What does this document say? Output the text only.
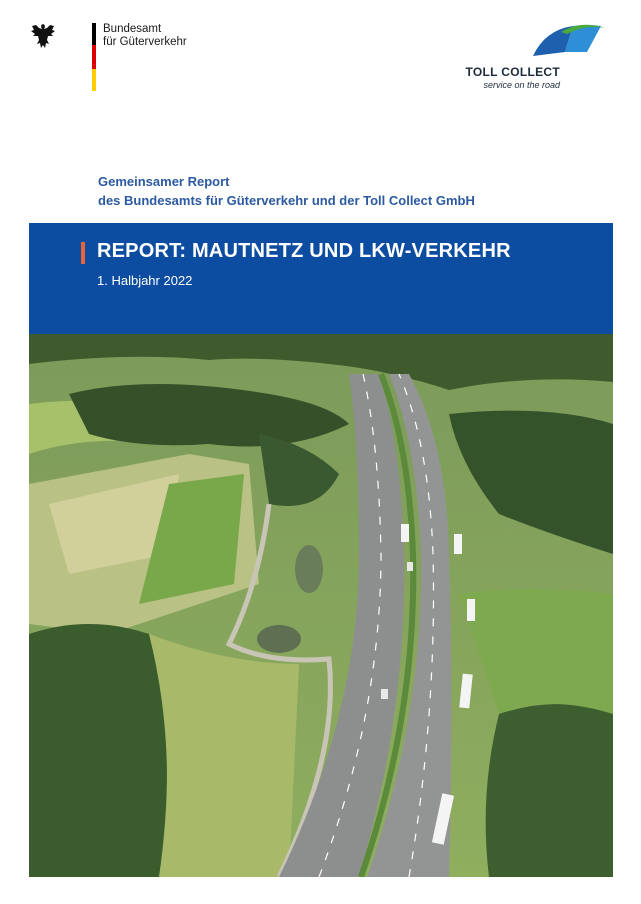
Bundesamt
für Güterverkehr
TOLL COLLECT
service on the road
Gemeinsamer Report
des Bundesamts für Güterverkehr und der Toll Collect GmbH
REPORT: MAUTNETZ UND LKW-VERKEHR
1. Halbjahr 2022
